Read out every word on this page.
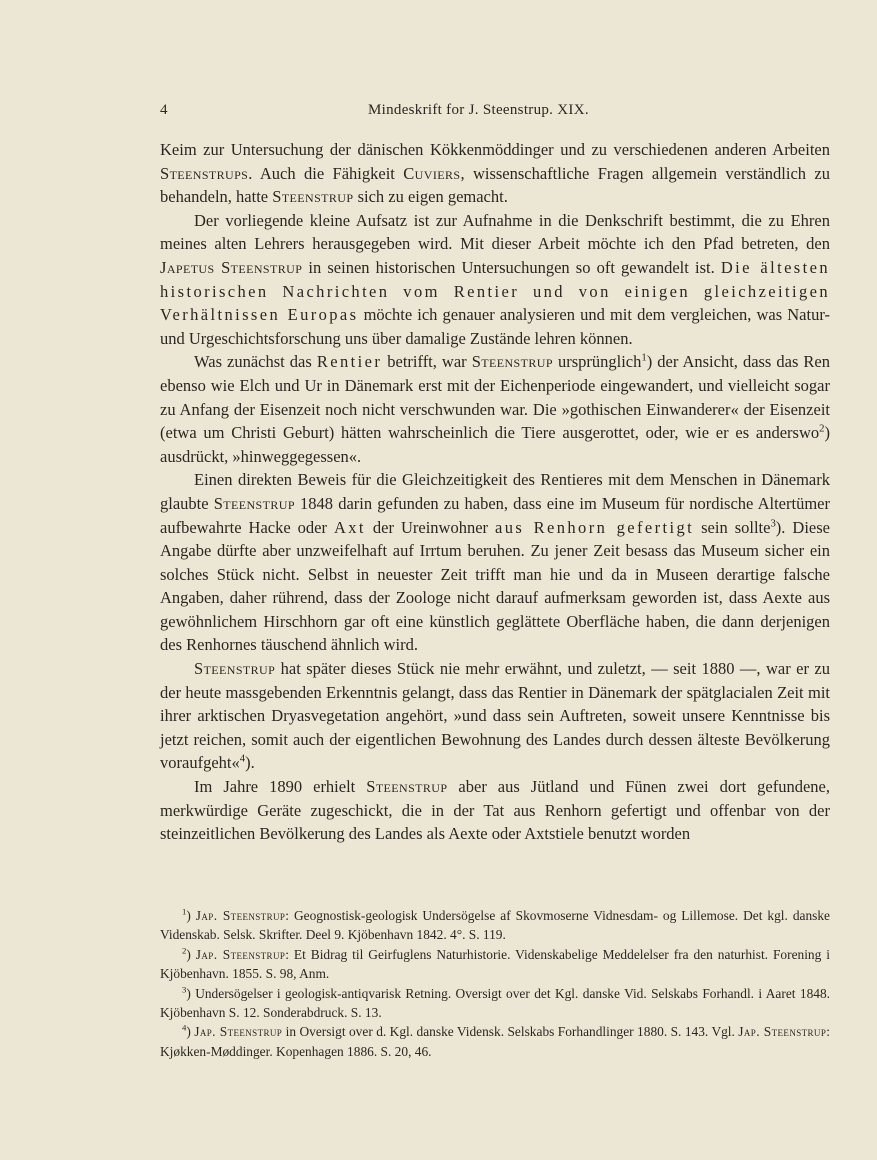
4	Mindeskrift for J. Steenstrup. XIX.

Keim zur Untersuchung der dänischen Kökkenmöddinger und zu verschiedenen anderen Arbeiten Steenstrups. Auch die Fähigkeit Cuviers, wissenschaftliche Fragen allgemein verständlich zu behandeln, hatte Steenstrup sich zu eigen gemacht.

Der vorliegende kleine Aufsatz ist zur Aufnahme in die Denkschrift bestimmt, die zu Ehren meines alten Lehrers herausgegeben wird. Mit dieser Arbeit möchte ich den Pfad betreten, den Japetus Steenstrup in seinen historischen Untersuchungen so oft gewandelt ist. Die ältesten historischen Nachrichten vom Rentier und von einigen gleichzeitigen Verhältnissen Europas möchte ich genauer analysieren und mit dem vergleichen, was Natur- und Urgeschichtsforschung uns über damalige Zustände lehren können.

Was zunächst das Rentier betrifft, war Steenstrup ursprünglich$^1$) der Ansicht, dass das Ren ebenso wie Elch und Ur in Dänemark erst mit der Eichenperiode eingewandert, und vielleicht sogar zu Anfang der Eisenzeit noch nicht verschwunden war. Die »gothischen Einwanderer« der Eisenzeit (etwa um Christi Geburt) hätten wahrscheinlich die Tiere ausgerottet, oder, wie er es anderswo$^2$) ausdrückt, »hinweggegessen«.

Einen direkten Beweis für die Gleichzeitigkeit des Rentieres mit dem Menschen in Dänemark glaubte Steenstrup 1848 darin gefunden zu haben, dass eine im Museum für nordische Altertümer aufbewahrte Hacke oder Axt der Ureinwohner aus Renhorn gefertigt sein sollte$^3$). Diese Angabe dürfte aber unzweifelhaft auf Irrtum beruhen. Zu jener Zeit besass das Museum sicher ein solches Stück nicht. Selbst in neuester Zeit trifft man hie und da in Museen derartige falsche Angaben, daher rührend, dass der Zoologe nicht darauf aufmerksam geworden ist, dass Aexte aus gewöhnlichem Hirschhorn gar oft eine künstlich geglättete Oberfläche haben, die dann derjenigen des Renhornes täuschend ähnlich wird.

Steenstrup hat später dieses Stück nie mehr erwähnt, und zuletzt, — seit 1880 —, war er zu der heute massgebenden Erkenntnis gelangt, dass das Rentier in Dänemark der spätglacialen Zeit mit ihrer arktischen Dryasvegetation angehört, »und dass sein Auftreten, soweit unsere Kenntnisse bis jetzt reichen, somit auch der eigentlichen Bewohnung des Landes durch dessen älteste Bevölkerung voraufgeht«$^4$).

Im Jahre 1890 erhielt Steenstrup aber aus Jütland und Fünen zwei dort gefundene, merkwürdige Geräte zugeschickt, die in der Tat aus Renhorn gefertigt und offenbar von der steinzeitlichen Bevölkerung des Landes als Aexte oder Axtstiele benutzt worden

$^1$) Jap. Steenstrup: Geognostisk-geologisk Undersögelse af Skovmoserne Vidnesdam- og Lillemose. Det kgl. danske Videnskab. Selsk. Skrifter. Deel 9. Kjöbenhavn 1842. 4°. S. 119.

$^2$) Jap. Steenstrup: Et Bidrag til Geirfuglens Naturhistorie. Videnskabelige Meddelelser fra den naturhist. Forening i Kjöbenhavn. 1855. S. 98, Anm.

$^3$) Undersögelser i geologisk-antiqvarisk Retning. Oversigt over det Kgl. danske Vid. Selskabs Forhandl. i Aaret 1848. Kjöbenhavn S. 12. Sonderabdruck. S. 13.

$^4$) Jap. Steenstrup in Oversigt over d. Kgl. danske Vidensk. Selskabs Forhandlinger 1880. S. 143. Vgl. Jap. Steenstrup: Kjøkken-Møddinger. Kopenhagen 1886. S. 20, 46.
